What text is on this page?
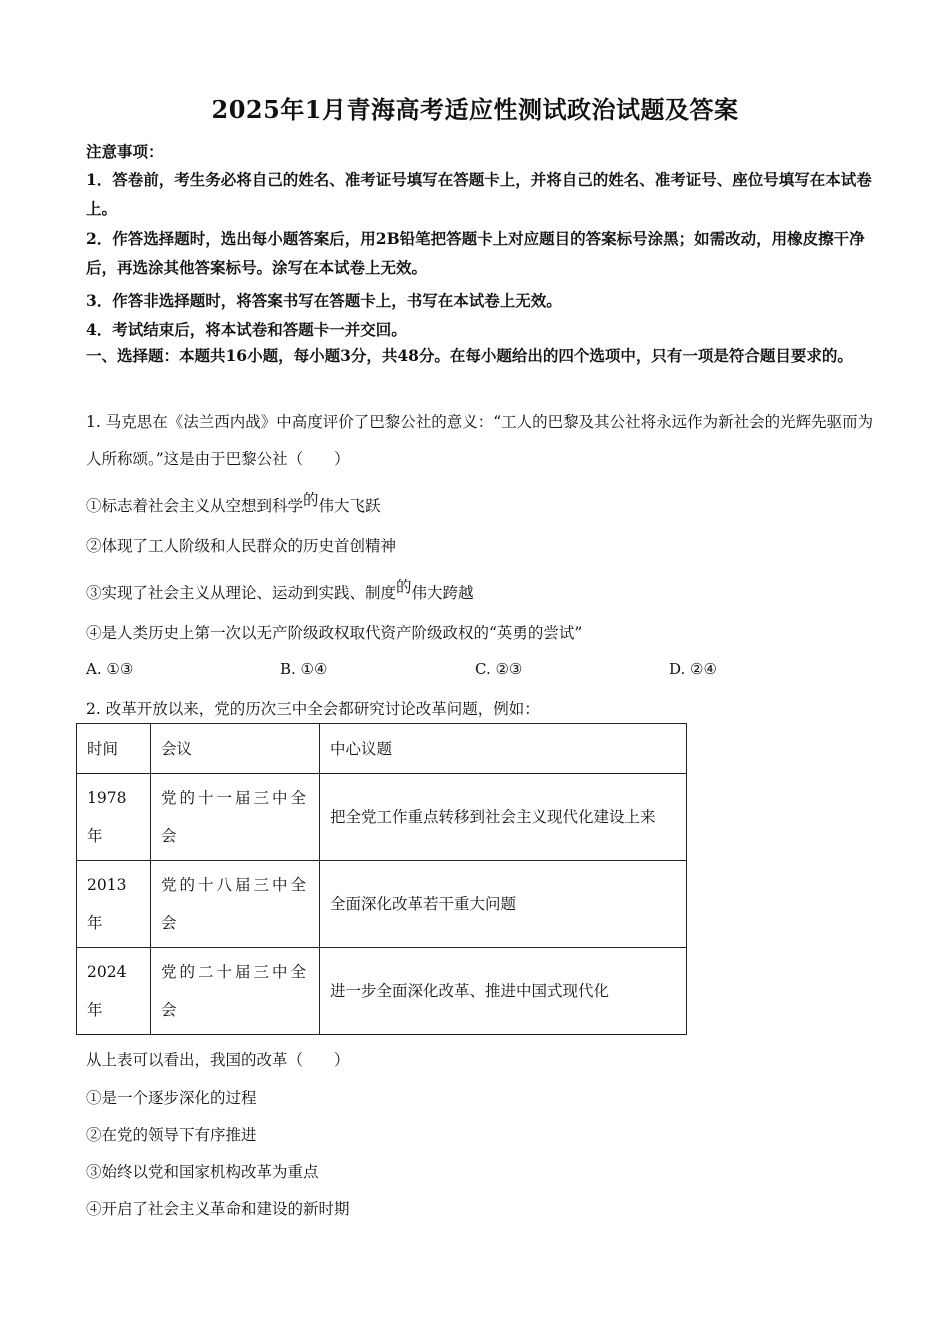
2025年1月青海高考适应性测试政治试题及答案
注意事项：
1．答卷前，考生务必将自己的姓名、准考证号填写在答题卡上，并将自己的姓名、准考证号、座位号填写在本试卷上。
2．作答选择题时，选出每小题答案后，用2B铅笔把答题卡上对应题目的答案标号涂黑；如需改动，用橡皮擦干净后，再选涂其他答案标号。涂写在本试卷上无效。
3．作答非选择题时，将答案书写在答题卡上，书写在本试卷上无效。
4．考试结束后，将本试卷和答题卡一并交回。
一、选择题：本题共16小题，每小题3分，共48分。在每小题给出的四个选项中，只有一项是符合题目要求的。
1. 马克思在《法兰西内战》中高度评价了巴黎公社的意义：“工人的巴黎及其公社将永远作为新社会的光辉先驱而为人所称颂。”这是由于巴黎公社（　　）
①标志着社会主义从空想到科学的伟大飞跃
②体现了工人阶级和人民群众的历史首创精神
③实现了社会主义从理论、运动到实践、制度的伟大跨越
④是人类历史上第一次以无产阶级政权取代资产阶级政权的“英勇的尝试”
A. ①③	B. ①④	C. ②③	D. ②④
2. 改革开放以来，党的历次三中全会都研究讨论改革问题，例如：
时间	会议	中心议题
1978年	党的十一届三中全会	把全党工作重点转移到社会主义现代化建设上来
2013年	党的十八届三中全会	全面深化改革若干重大问题
2024年	党的二十届三中全会	进一步全面深化改革、推进中国式现代化
从上表可以看出，我国的改革（　　）
①是一个逐步深化的过程
②在党的领导下有序推进
③始终以党和国家机构改革为重点
④开启了社会主义革命和建设的新时期
